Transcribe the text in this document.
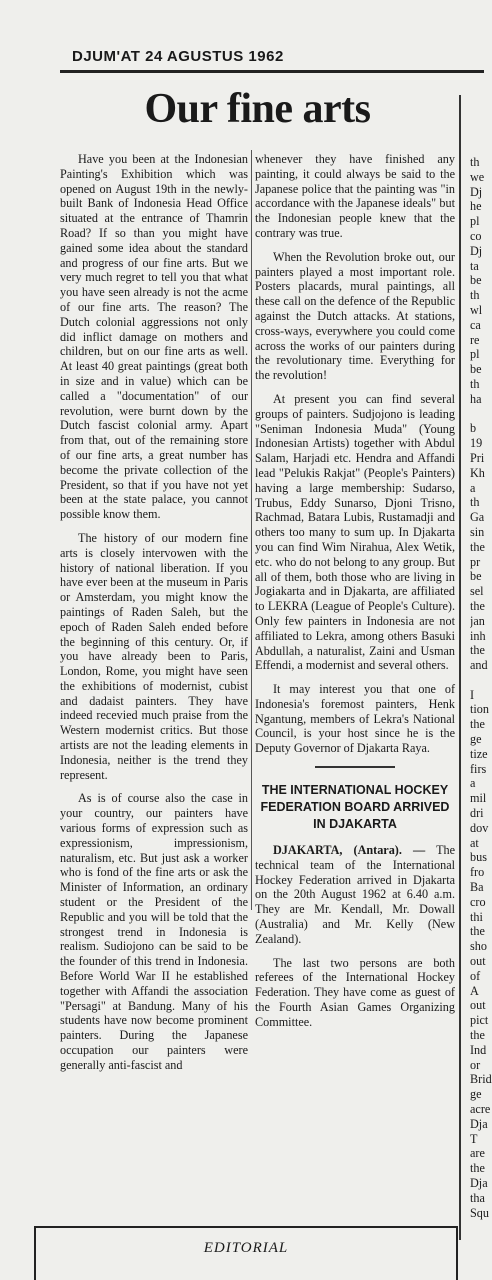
DJUM'AT 24 AGUSTUS 1962
Our fine arts

Have you been at the Indonesian Painting's Exhibition which was opened on August 19th in the newly-built Bank of Indonesia Head Office situated at the entrance of Thamrin Road? If so than you might have gained some idea about the standard and progress of our fine arts. But we very much regret to tell you that what you have seen already is not the acme of our fine arts. The reason? The Dutch colonial aggressions not only did inflict damage on mothers and children, but on our fine arts as well. At least 40 great paintings (great both in size and in value) which can be called a "documentation" of our revolution, were burnt down by the Dutch fascist colonial army. Apart from that, out of the remaining store of our fine arts, a great number has become the private collection of the President, so that if you have not yet been at the state palace, you cannot possible know them.

The history of our modern fine arts is closely intervowen with the history of national liberation. If you have ever been at the museum in Paris or Amsterdam, you might know the paintings of Raden Saleh, but the epoch of Raden Saleh ended before the beginning of this century. Or, if you have already been to Paris, London, Rome, you might have seen the exhibitions of modernist, cubist and dadaist painters. They have indeed recevied much praise from the Western modernist critics. But those artists are not the leading elements in Indonesia, neither is the trend they represent.

As is of course also the case in your country, our painters have various forms of expression such as expressionism, impressionism, naturalism, etc. But just ask a worker who is fond of the fine arts or ask the Minister of Information, an ordinary student or the President of the Republic and you will be told that the strongest trend in Indonesia is realism. Sudiojono can be said to be the founder of this trend in Indonesia. Before World War II he established together with Affandi the association "Persagi" at Bandung. Many of his students have now become prominent painters. During the Japanese occupation our painters were generally anti-fascist and

whenever they have finished any painting, it could always be said to the Japanese police that the painting was "in accordance with the Japanese ideals" but the Indonesian people knew that the contrary was true.

When the Revolution broke out, our painters played a most important role. Posters placards, mural paintings, all these call on the defence of the Republic against the Dutch attacks. At stations, cross-ways, everywhere you could come across the works of our painters during the revolutionary time. Everything for the revolution!

At present you can find several groups of painters. Sudjojono is leading "Seniman Indonesia Muda" (Young Indonesian Artists) together with Abdul Salam, Harjadi etc. Hendra and Affandi lead "Pelukis Rakjat" (People's Painters) having a large membership: Sudarso, Trubus, Eddy Sunarso, Djoni Trisno, Rachmad, Batara Lubis, Rustamadji and others too many to sum up. In Djakarta you can find Wim Nirahua, Alex Wetik, etc. who do not belong to any group. But all of them, both those who are living in Jogiakarta and in Djakarta, are affiliated to LEKRA (League of People's Culture). Only few painters in Indonesia are not affiliated to Lekra, among others Basuki Abdullah, a naturalist, Zaini and Usman Effendi, a modernist and several others.

It may interest you that one of Indonesia's foremost painters, Henk Ngantung, members of Lekra's National Council, is your host since he is the Deputy Governor of Djakarta Raya.

THE INTERNATIONAL HOCKEY FEDERATION BOARD ARRIVED IN DJAKARTA

DJAKARTA, (Antara). — The technical team of the International Hockey Federation arrived in Djakarta on the 20th August 1962 at 6.40 a.m. They are Mr. Kendall, Mr. Dowall (Australia) and Mr. Kelly (New Zealand).

The last two persons are both referees of the International Hockey Federation. They have come as guest of the Fourth Asian Games Organizing Committee.

th
we
Dj
he
pl
co
Dj
ta
be
th
wl
ca
re
pl
be
th
ha

b
19
Pri
Kh
a
th
Ga
sin
the
pr
be
sel
the
jan
inh
the
and

I
tion
the
ge
tize
firs
a
mil
dri
dov
at
bus
fro
Ba
cro
thi
the
sho
out
of
A
out
pict
the
Ind
or
Brid
ge
acre
Dja
T
are
the
Dja
tha
Squ
EDITORIAL
